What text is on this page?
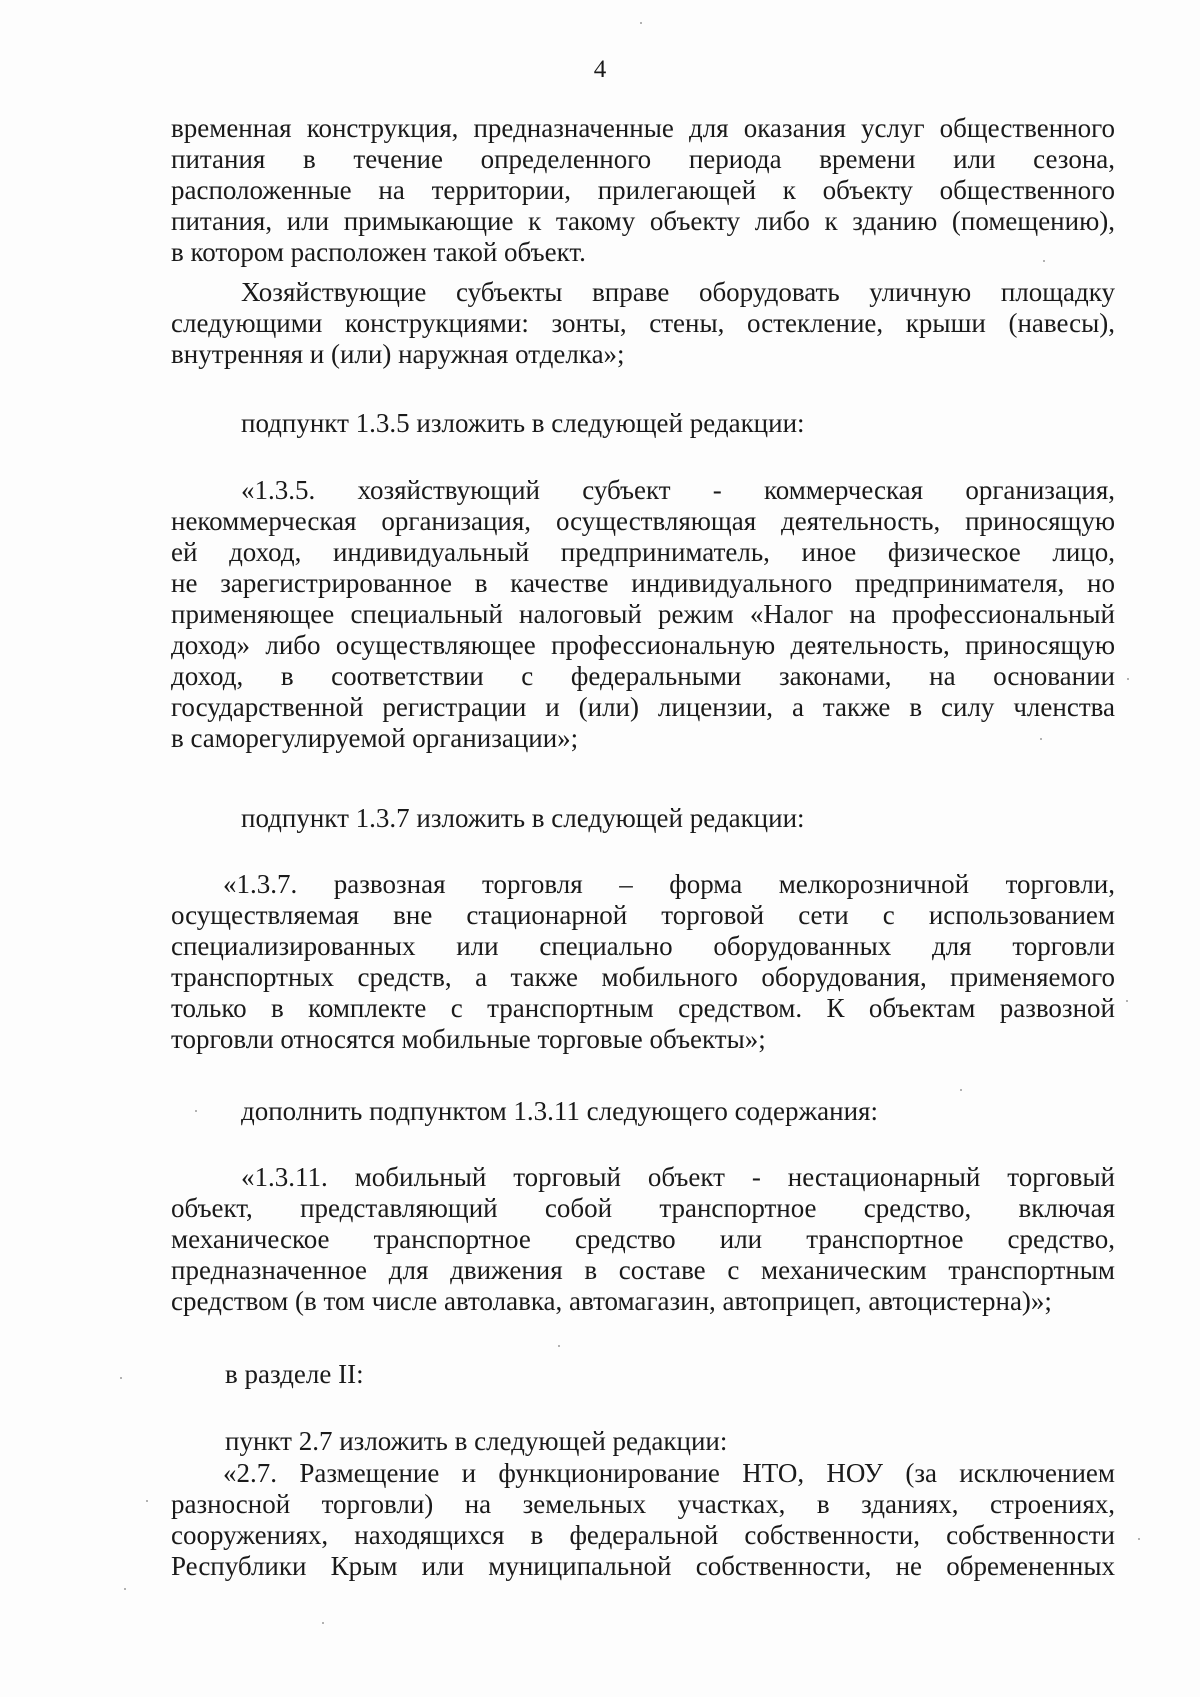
4
временная конструкция, предназначенные для оказания услуг общественного
питания в течение определенного периода времени или сезона,
расположенные на территории, прилегающей к объекту общественного
питания, или примыкающие к такому объекту либо к зданию (помещению),
в котором расположен такой объект.
Хозяйствующие субъекты вправе оборудовать уличную площадку
следующими конструкциями: зонты, стены, остекление, крыши (навесы),
внутренняя и (или) наружная отделка»;
подпункт 1.3.5 изложить в следующей редакции:
«1.3.5. хозяйствующий субъект - коммерческая организация,
некоммерческая организация, осуществляющая деятельность, приносящую
ей доход, индивидуальный предприниматель, иное физическое лицо,
не зарегистрированное в качестве индивидуального предпринимателя, но
применяющее специальный налоговый режим «Налог на профессиональный
доход» либо осуществляющее профессиональную деятельность, приносящую
доход, в соответствии с федеральными законами, на основании
государственной регистрации и (или) лицензии, а также в силу членства
в саморегулируемой организации»;
подпункт 1.3.7 изложить в следующей редакции:
«1.3.7. развозная торговля – форма мелкорозничной торговли,
осуществляемая вне стационарной торговой сети с использованием
специализированных или специально оборудованных для торговли
транспортных средств, а также мобильного оборудования, применяемого
только в комплекте с транспортным средством. К объектам развозной
торговли относятся мобильные торговые объекты»;
дополнить подпунктом 1.3.11 следующего содержания:
«1.3.11. мобильный торговый объект - нестационарный торговый
объект, представляющий собой транспортное средство, включая
механическое транспортное средство или транспортное средство,
предназначенное для движения в составе с механическим транспортным
средством (в том числе автолавка, автомагазин, автоприцеп, автоцистерна)»;
в разделе II:
пункт 2.7 изложить в следующей редакции:
«2.7. Размещение и функционирование НТО, НОУ (за исключением
разносной торговли) на земельных участках, в зданиях, строениях,
сооружениях, находящихся в федеральной собственности, собственности
Республики Крым или муниципальной собственности, не обремененных
